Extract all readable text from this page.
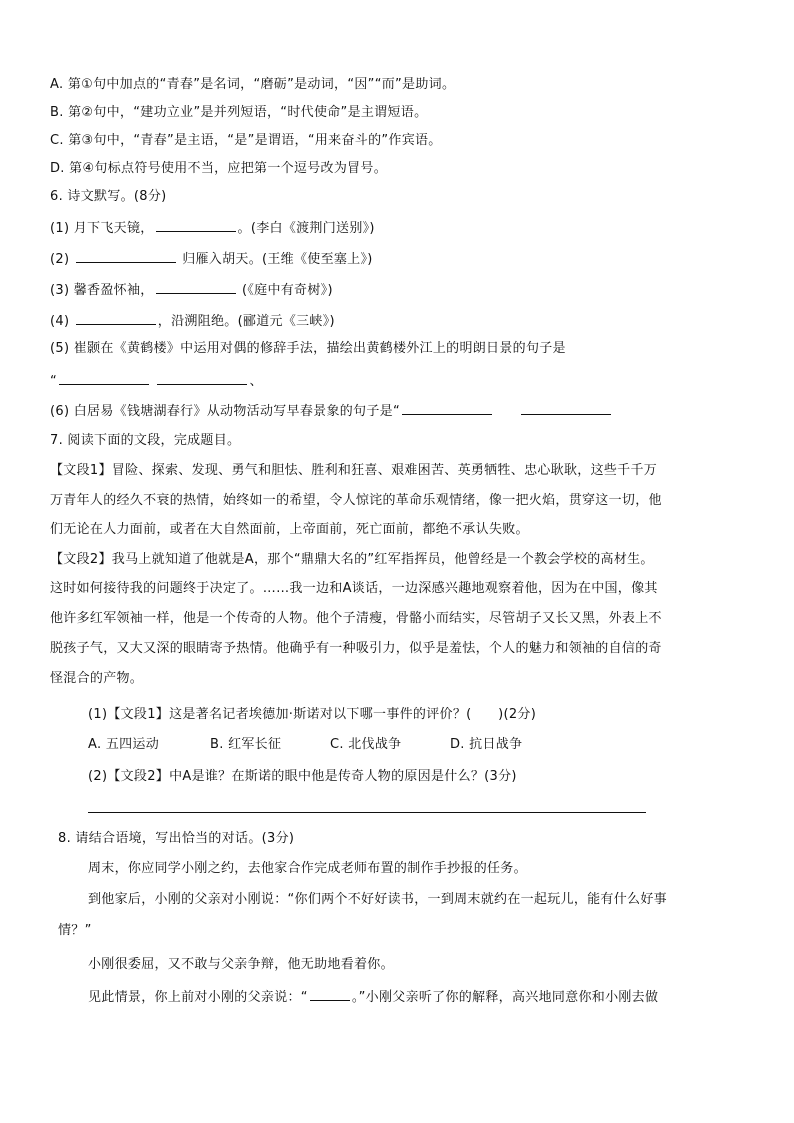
A. 第①句中加点的“青春”是名词，“磨砺”是动词，“因”“而”是助词。
B. 第②句中，“建功立业”是并列短语，“时代使命”是主谓短语。
C. 第③句中，“青春”是主语，“是”是谓语，“用来奋斗的”作宾语。
D. 第④句标点符号使用不当，应把第一个逗号改为冒号。
6. 诗文默写。(8分)
(1) 月下飞天镜，	。(李白《渡荆门送别》)
(2)	归雁入胡天。(王维《使至塞上》)
(3) 馨香盈怀袖，	(《庭中有奇树》)
(4)	，沿溯阻绝。(郦道元《三峡》)
(5) 崔颢在《黄鹤楼》中运用对偶的修辞手法，描绘出黄鹤楼外江上的明朗日景的句子是
“	、
(6) 白居易《钱塘湖春行》从动物活动写早春景象的句子是“
7. 阅读下面的文段，完成题目。
【文段1】冒险、探索、发现、勇气和胆怯、胜利和狂喜、艰难困苦、英勇牺牲、忠心耿耿，这些千千万
万青年人的经久不衰的热情，始终如一的希望，令人惊诧的革命乐观情绪，像一把火焰，贯穿这一切，他
们无论在人力面前，或者在大自然面前，上帝面前，死亡面前，都绝不承认失败。
【文段2】我马上就知道了他就是A，那个“鼎鼎大名的”红军指挥员，他曾经是一个教会学校的高材生。
这时如何接待我的问题终于决定了。……我一边和A谈话，一边深感兴趣地观察着他，因为在中国，像其
他许多红军领袖一样，他是一个传奇的人物。他个子清瘦，骨骼小而结实，尽管胡子又长又黑，外表上不
脱孩子气，又大又深的眼睛寄予热情。他确乎有一种吸引力，似乎是羞怯，个人的魅力和领袖的自信的奇
怪混合的产物。
(1)【文段1】这是著名记者埃德加·斯诺对以下哪一事件的评价？(　　)(2分)
A. 五四运动	B. 红军长征	C. 北伐战争	D. 抗日战争
(2)【文段2】中A是谁？在斯诺的眼中他是传奇人物的原因是什么？(3分)
8. 请结合语境，写出恰当的对话。(3分)
周末，你应同学小刚之约，去他家合作完成老师布置的制作手抄报的任务。
到他家后，小刚的父亲对小刚说：“你们两个不好好读书，一到周末就约在一起玩儿，能有什么好事
情？”
小刚很委屈，又不敢与父亲争辩，他无助地看着你。
见此情景，你上前对小刚的父亲说：“	。”小刚父亲听了你的解释，高兴地同意你和小刚去做
